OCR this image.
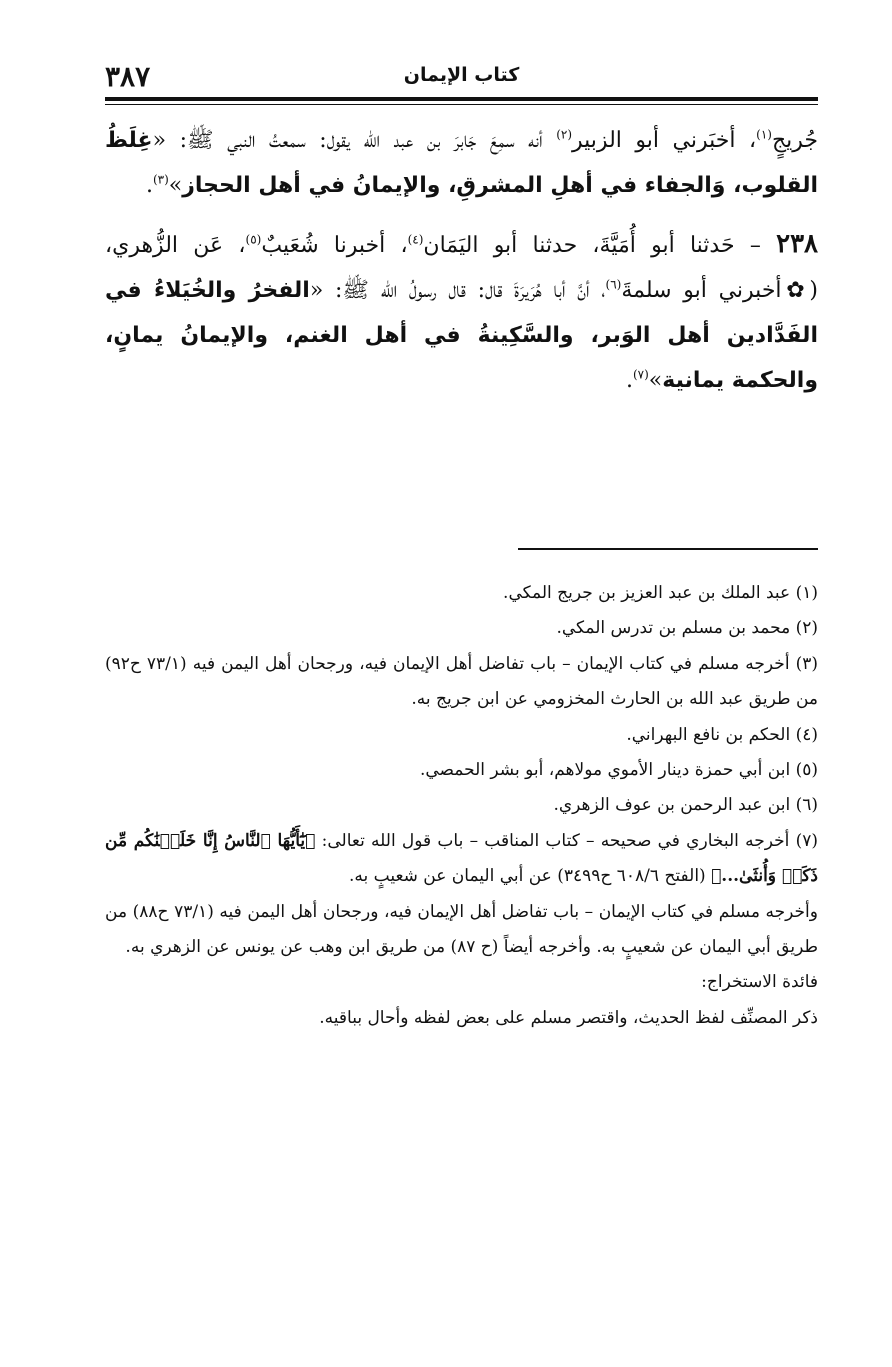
٣٨٧	كتاب الإيمان

جُريجٍ$^{(١)}$، أخبَرني أبو الزبير$^{(٢)}$ أنه سمِعَ جَابرَ بن عبد الله يقول: سمعتُ النبي ﷺ: «غِلَظُ القلوب، وَالجفاء في أهلِ المشرقِ، والإيمانُ في أهل الحجاز»$^{(٣)}$.

٢٣٨ – حَدثنا أبو أُمَيَّةَ، حدثنا أبو اليَمَان$^{(٤)}$، أخبرنا شُعَيبٌ$^{(٥)}$، عَن الزُّهري، (✿أخبرني أبو سلمةَ$^{(٦)}$، أنَّ أبا هُرَيرَةَ قال: قال رسولُ الله ﷺ: «الفخرُ والخُيَلاءُ في الفَدَّادين أهل الوَبر، والسَّكِينةُ في أهل الغنم، والإيمانُ يمانٍ، والحكمة يمانية»$^{(٧)}$.

(١) عبد الملك بن عبد العزيز بن جريج المكي.
(٢) محمد بن مسلم بن تدرس المكي.
(٣) أخرجه مسلم في كتاب الإيمان – باب تفاضل أهل الإيمان فيه، ورجحان أهل اليمن فيه (٧٣/١ ح٩٢) من طريق عبد الله بن الحارث المخزومي عن ابن جريج به.
(٤) الحكم بن نافع البهراني.
(٥) ابن أبي حمزة دينار الأموي مولاهم، أبو بشر الحمصي.
(٦) ابن عبد الرحمن بن عوف الزهري.
(٧) أخرجه البخاري في صحيحه – كتاب المناقب – باب قول الله تعالى: ﴿يَٰٓأَيُّهَا ٱلنَّاسُ إِنَّا خَلَقۡنَٰكُم مِّن ذَكَرٖ وَأُنثَىٰ...﴾ (الفتح ٦٠٨/٦ ح٣٤٩٩) عن أبي اليمان عن شعيبٍ به.
وأخرجه مسلم في كتاب الإيمان – باب تفاضل أهل الإيمان فيه، ورجحان أهل اليمن فيه (٧٣/١ ح٨٨) من طريق أبي اليمان عن شعيبٍ به. وأخرجه أيضاً (ح ٨٧) من طريق ابن وهب عن يونس عن الزهري به.
فائدة الاستخراج:
ذكر المصنِّف لفظ الحديث، واقتصر مسلم على بعض لفظه وأحال بباقيه.
